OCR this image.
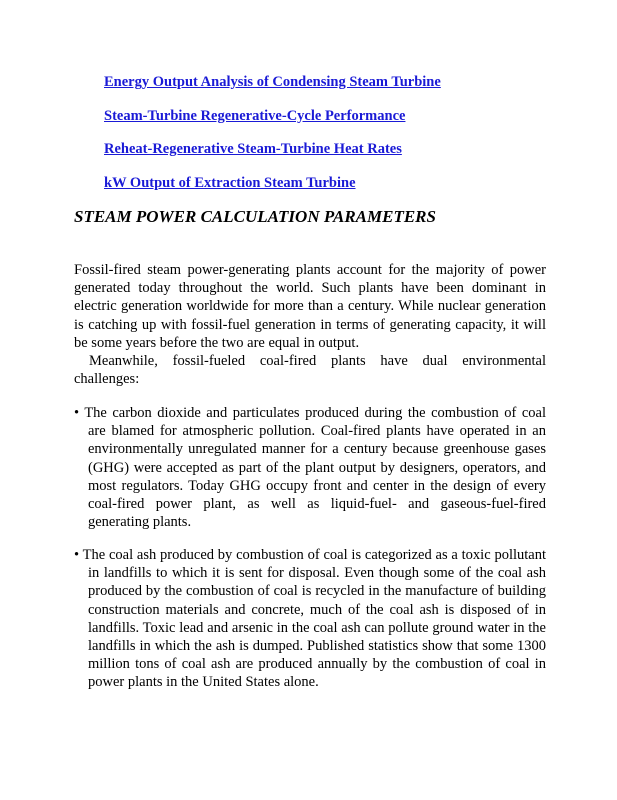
Energy Output Analysis of Condensing Steam Turbine
Steam-Turbine Regenerative-Cycle Performance
Reheat-Regenerative Steam-Turbine Heat Rates
kW Output of Extraction Steam Turbine
STEAM POWER CALCULATION PARAMETERS

Fossil-fired steam power-generating plants account for the majority of power generated today throughout the world. Such plants have been dominant in electric generation worldwide for more than a century. While nuclear generation is catching up with fossil-fuel generation in terms of generating capacity, it will be some years before the two are equal in output.

Meanwhile, fossil-fueled coal-fired plants have dual environmental challenges:

• The carbon dioxide and particulates produced during the combustion of coal are blamed for atmospheric pollution. Coal-fired plants have operated in an environmentally unregulated manner for a century because greenhouse gases (GHG) were accepted as part of the plant output by designers, operators, and most regulators. Today GHG occupy front and center in the design of every coal-fired power plant, as well as liquid-fuel- and gaseous-fuel-fired generating plants.

• The coal ash produced by combustion of coal is categorized as a toxic pollutant in landfills to which it is sent for disposal. Even though some of the coal ash produced by the combustion of coal is recycled in the manufacture of building construction materials and concrete, much of the coal ash is disposed of in landfills. Toxic lead and arsenic in the coal ash can pollute ground water in the landfills in which the ash is dumped. Published statistics show that some 1300 million tons of coal ash are produced annually by the combustion of coal in power plants in the United States alone.
